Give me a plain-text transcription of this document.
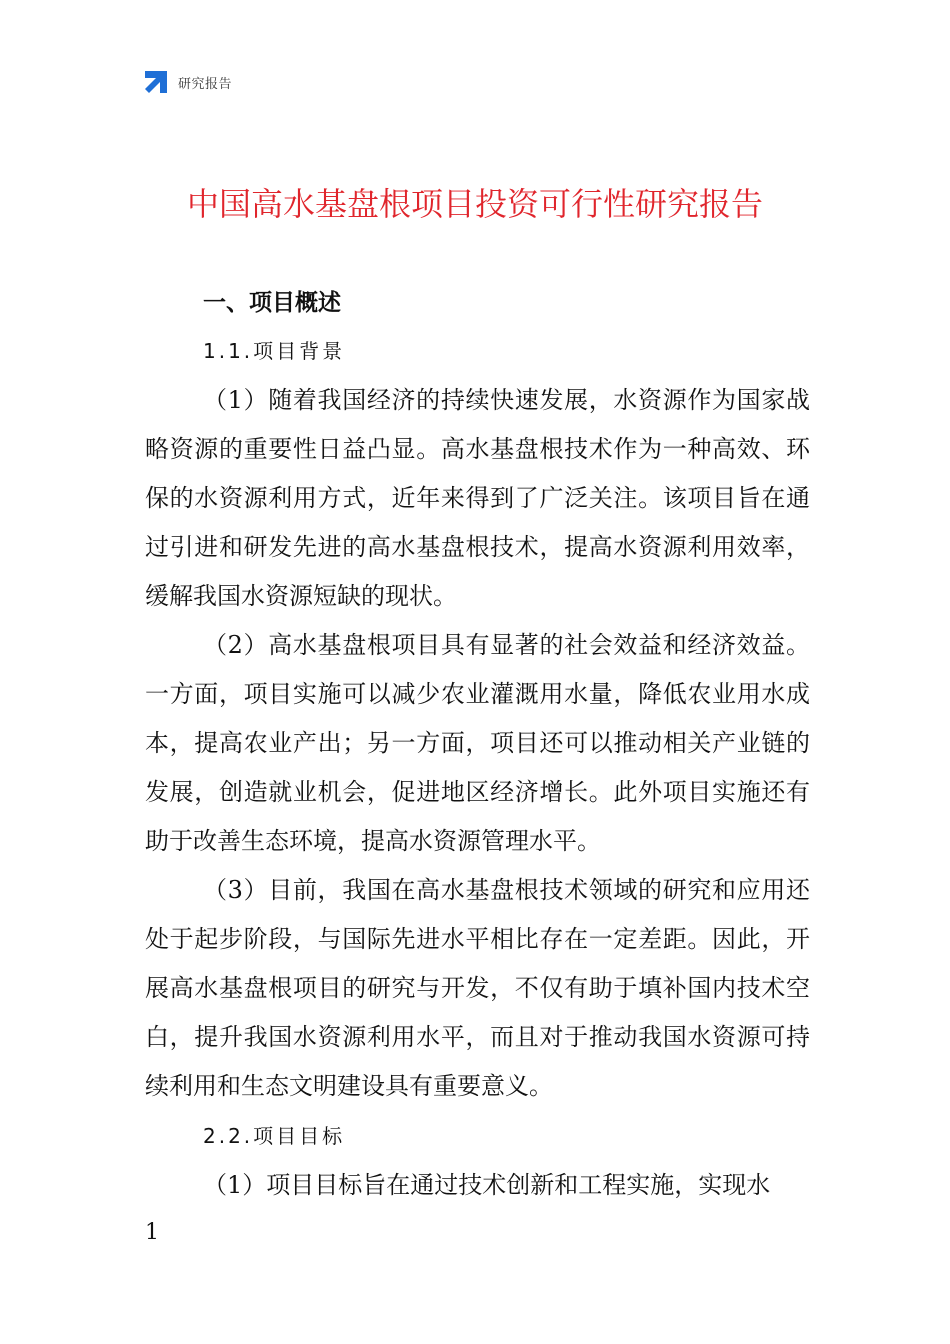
研究报告
中国高水基盘根项目投资可行性研究报告

一、项目概述

1.1.项目背景

（1）随着我国经济的持续快速发展，水资源作为国家战略资源的重要性日益凸显。高水基盘根技术作为一种高效、环保的水资源利用方式，近年来得到了广泛关注。该项目旨在通过引进和研发先进的高水基盘根技术，提高水资源利用效率，缓解我国水资源短缺的现状。

（2）高水基盘根项目具有显著的社会效益和经济效益。一方面，项目实施可以减少农业灌溉用水量，降低农业用水成本，提高农业产出；另一方面，项目还可以推动相关产业链的发展，创造就业机会，促进地区经济增长。此外项目实施还有助于改善生态环境，提高水资源管理水平。

（3）目前，我国在高水基盘根技术领域的研究和应用还处于起步阶段，与国际先进水平相比存在一定差距。因此，开展高水基盘根项目的研究与开发，不仅有助于填补国内技术空白，提升我国水资源利用水平，而且对于推动我国水资源可持续利用和生态文明建设具有重要意义。

2.2.项目目标

（1）项目目标旨在通过技术创新和工程实施，实现水

1
